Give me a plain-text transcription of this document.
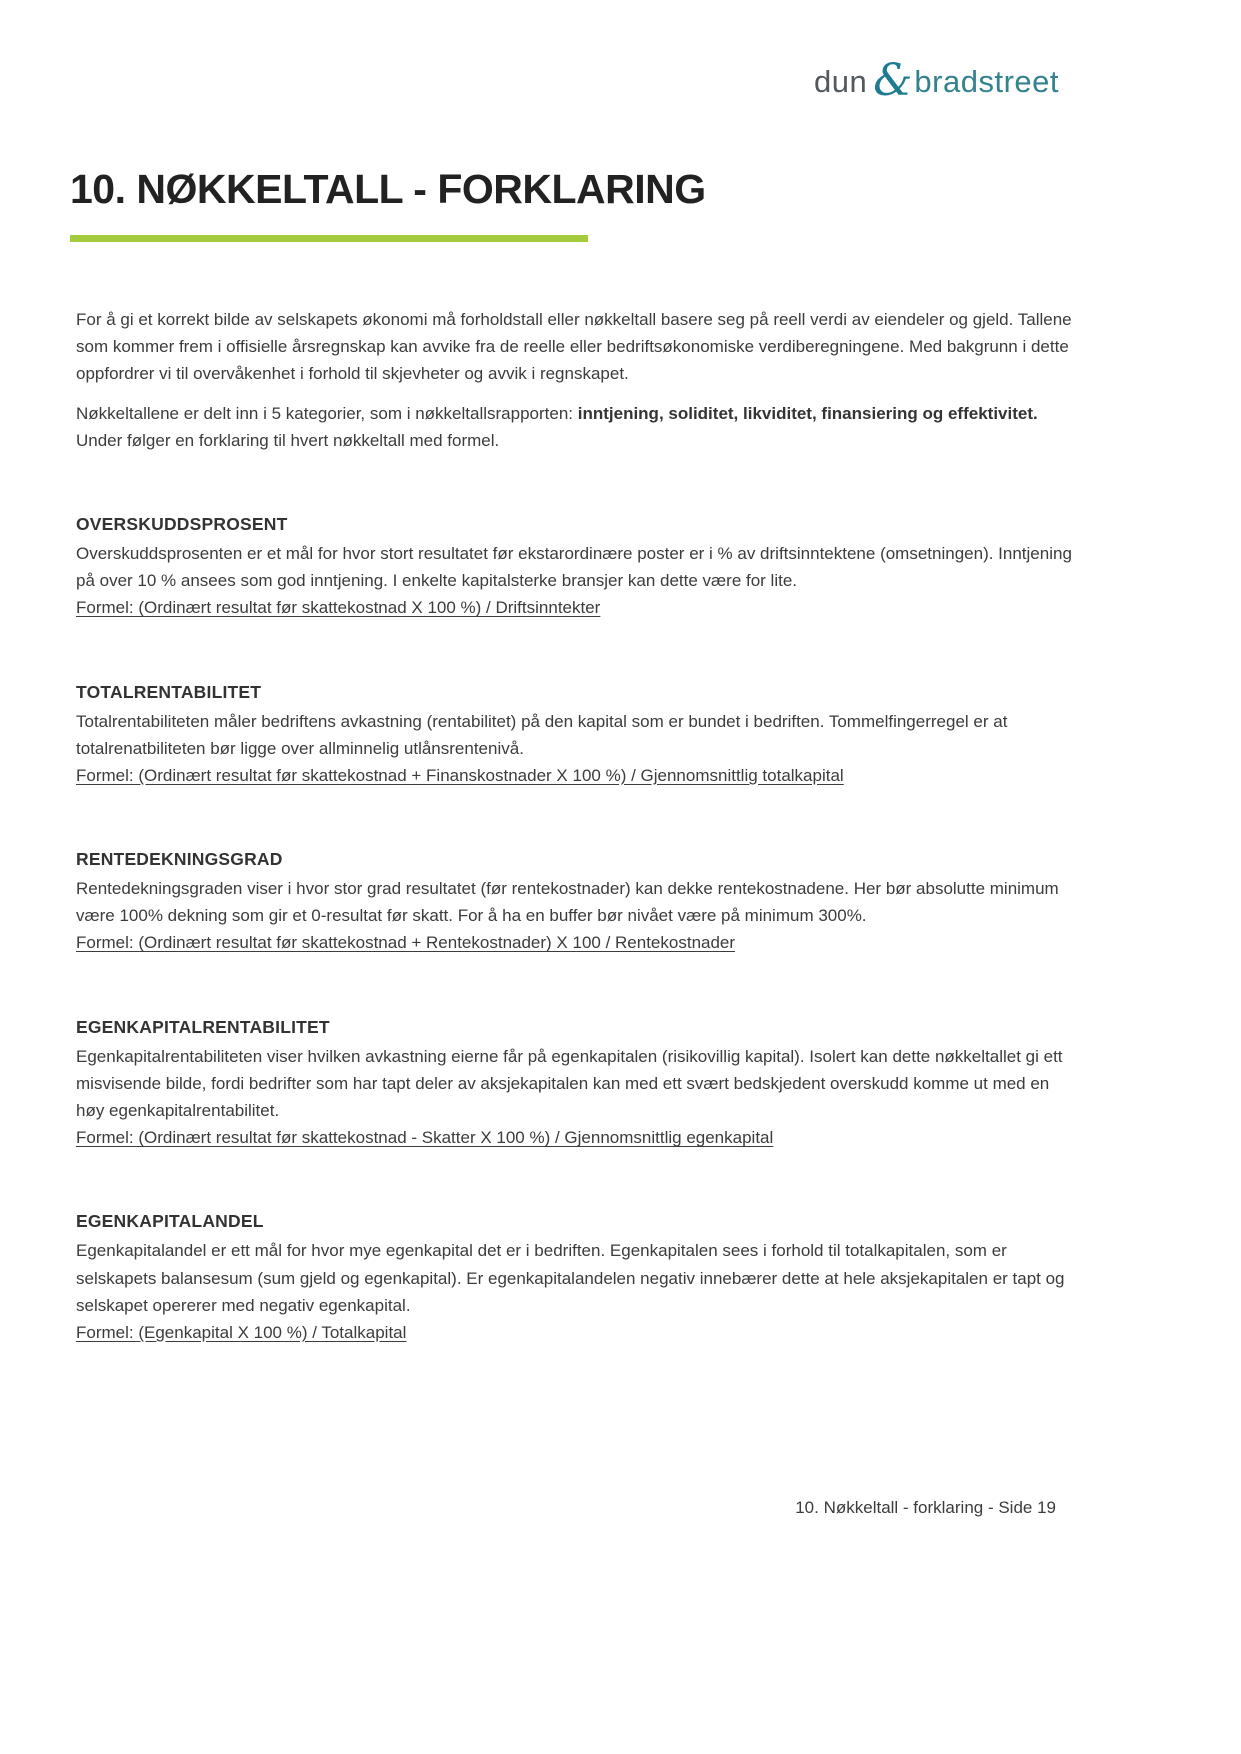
dun & bradstreet
10. NØKKELTALL - FORKLARING

For å gi et korrekt bilde av selskapets økonomi må forholdstall eller nøkkeltall basere seg på reell verdi av eiendeler og gjeld. Tallene som kommer frem i offisielle årsregnskap kan avvike fra de reelle eller bedriftsøkonomiske verdiberegningene. Med bakgrunn i dette oppfordrer vi til overvåkenhet i forhold til skjevheter og avvik i regnskapet.

Nøkkeltallene er delt inn i 5 kategorier, som i nøkkeltallsrapporten: inntjening, soliditet, likviditet, finansiering og effektivitet. Under følger en forklaring til hvert nøkkeltall med formel.

OVERSKUDDSPROSENT

Overskuddsprosenten er et mål for hvor stort resultatet før ekstarordinære poster er i % av driftsinntektene (omsetningen). Inntjening på over 10 % ansees som god inntjening. I enkelte kapitalsterke bransjer kan dette være for lite.

Formel: (Ordinært resultat før skattekostnad X 100 %) / Driftsinntekter

TOTALRENTABILITET

Totalrentabiliteten måler bedriftens avkastning (rentabilitet) på den kapital som er bundet i bedriften. Tommelfingerregel er at totalrenatbiliteten bør ligge over allminnelig utlånsrentenivå.

Formel: (Ordinært resultat før skattekostnad + Finanskostnader X 100 %) / Gjennomsnittlig totalkapital

RENTEDEKNINGSGRAD

Rentedekningsgraden viser i hvor stor grad resultatet (før rentekostnader) kan dekke rentekostnadene. Her bør absolutte minimum være 100% dekning som gir et 0-resultat før skatt. For å ha en buffer bør nivået være på minimum 300%.

Formel: (Ordinært resultat før skattekostnad + Rentekostnader) X 100 / Rentekostnader

EGENKAPITALRENTABILITET

Egenkapitalrentabiliteten viser hvilken avkastning eierne får på egenkapitalen (risikovillig kapital). Isolert kan dette nøkkeltallet gi ett misvisende bilde, fordi bedrifter som har tapt deler av aksjekapitalen kan med ett svært bedskjedent overskudd komme ut med en høy egenkapitalrentabilitet.

Formel: (Ordinært resultat før skattekostnad - Skatter X 100 %) / Gjennomsnittlig egenkapital

EGENKAPITALANDEL

Egenkapitalandel er ett mål for hvor mye egenkapital det er i bedriften. Egenkapitalen sees i forhold til totalkapitalen, som er selskapets balansesum (sum gjeld og egenkapital). Er egenkapitalandelen negativ innebærer dette at hele aksjekapitalen er tapt og selskapet opererer med negativ egenkapital.

Formel: (Egenkapital X 100 %) / Totalkapital

10. Nøkkeltall - forklaring - Side 19
